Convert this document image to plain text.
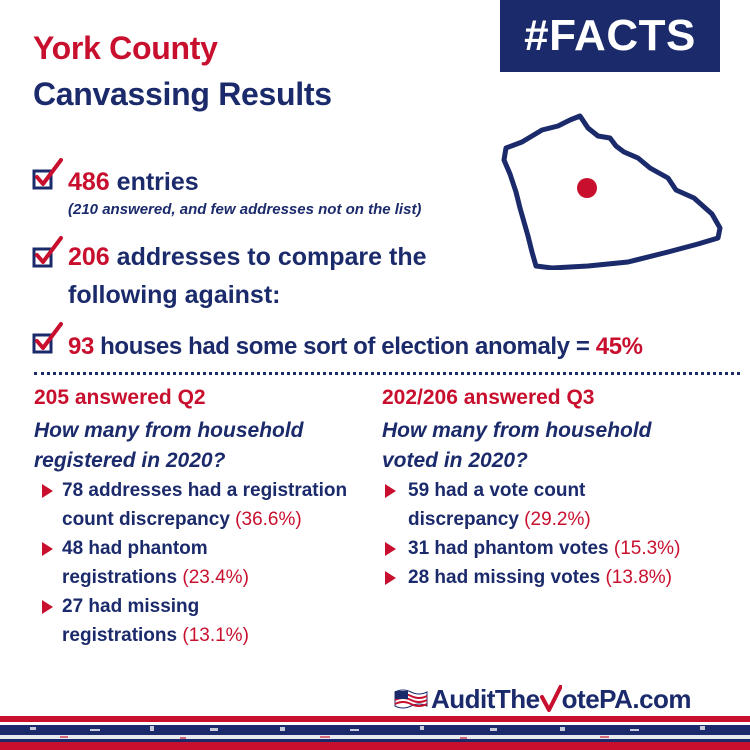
York County
Canvassing Results
#FACTS
486 entries
(210 answered, and few addresses not on the list)
206 addresses to compare the
following against:
93 houses had some sort of election anomaly = 45%
205 answered Q2
How many from household
registered in 2020?
78 addresses had a registration
count discrepancy (36.6%)
48 had phantom
registrations (23.4%)
27 had missing
registrations (13.1%)
202/206 answered Q3
How many from household
voted in 2020?
59 had a vote count
discrepancy (29.2%)
31 had phantom votes (15.3%)
28 had missing votes (13.8%)
AuditThe otePA.com
